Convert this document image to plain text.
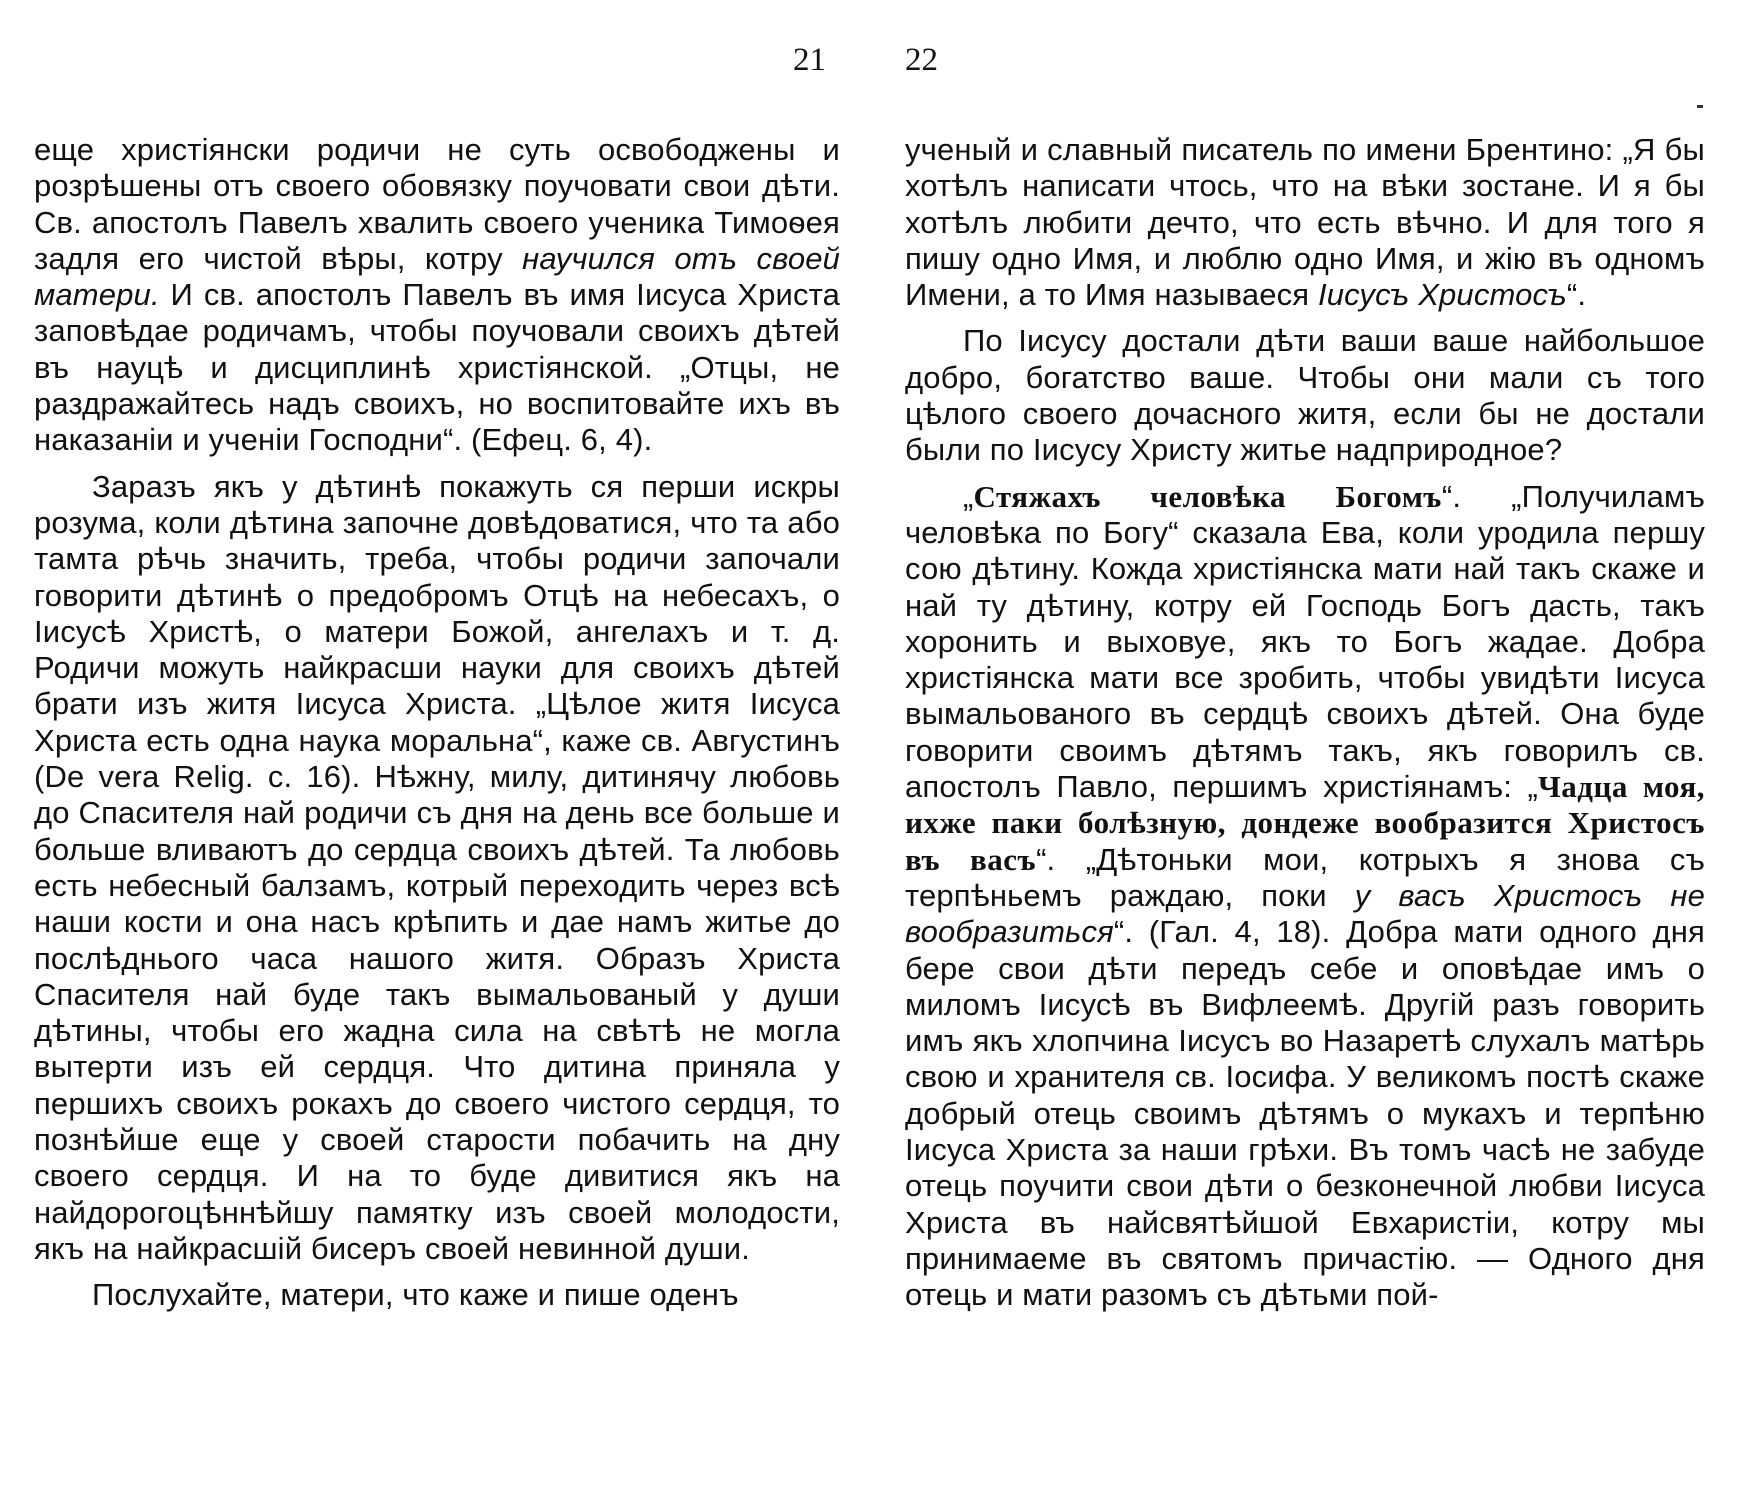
21 22

еще христіянски родичи не суть освободжены и розрѣшены отъ своего обовязку поучовати свои дѣти. Св. апостолъ Павелъ хвалить своего ученика Тимоѳея задля его чистой вѣры, котру научился отъ своей матери. И св. апостолъ Павелъ въ имя Іисуса Христа заповѣдае родичамъ, чтобы поучовали своихъ дѣтей въ науцѣ и дисциплинѣ христіянской. „Отцы, не раздражайтесь надъ своихъ, но воспитовайте ихъ въ наказаніи и ученіи Господни“. (Ефец. 6, 4).

Заразъ якъ у дѣтинѣ покажуть ся перши искры розума, коли дѣтина започне довѣдоватися, что та або тамта рѣчь значить, треба, чтобы родичи започали говорити дѣтинѣ о предобромъ Отцѣ на небесахъ, о Іисусѣ Христѣ, о матери Божой, ангелахъ и т. д. Родичи можуть найкрасши науки для своихъ дѣтей брати изъ житя Іисуса Христа. „Цѣлое житя Іисуса Христа есть одна наука моральна“, каже св. Августинъ (De vera Relig. c. 16). Нѣжну, милу, дитинячу любовь до Спасителя най родичи съ дня на день все больше и больше вливаютъ до сердца своихъ дѣтей. Та любовь есть небесный балзамъ, котрый переходить через всѣ наши кости и она насъ крѣпить и дае намъ житье до послѣднього часа нашого житя. Образъ Христа Спасителя най буде такъ вымальованый у души дѣтины, чтобы его жадна сила на свѣтѣ не могла вытерти изъ ей сердця. Что дитина приняла у першихъ своихъ рокахъ до своего чистого сердця, то познѣйше еще у своей старости побачить на дну своего сердця. И на то буде дивитися якъ на найдорогоцѣннѣйшу памятку изъ своей молодости, якъ на найкрасшій бисеръ своей невинной души.

Послухайте, матери, что каже и пише оденъ

ученый и славный писатель по имени Брентино: „Я бы хотѣлъ написати чтось, что на вѣки зостане. И я бы хотѣлъ любити дечто, что есть вѣчно. И для того я пишу одно Имя, и люблю одно Имя, и жію въ одномъ Имени, а то Имя называеся Іисусъ Христосъ“.

По Іисусу достали дѣти ваши ваше найбольшое добро, богатство ваше. Чтобы они мали съ того цѣлого своего дочасного житя, если бы не достали были по Іисусу Христу житье надприродное?

„Стяжахъ человѣка Богомъ“. „Получиламъ человѣка по Богу“ сказала Ева, коли уродила першу сою дѣтину. Кожда христіянска мати най такъ скаже и най ту дѣтину, котру ей Господь Богъ дасть, такъ хоронить и выховуе, якъ то Богъ жадае. Добра христіянска мати все зробить, чтобы увидѣти Іисуса вымальованого въ сердцѣ своихъ дѣтей. Она буде говорити своимъ дѣтямъ такъ, якъ говорилъ св. апостолъ Павло, першимъ христіянамъ: „Чадца моя, ихже паки болѣзную, дондеже вообразится Христосъ въ васъ“. „Дѣтоньки мои, котрыхъ я знова съ терпѣньемъ раждаю, поки у васъ Христосъ не вообразиться“. (Гал. 4, 18). Добра мати одного дня бере свои дѣти передъ себе и оповѣдае имъ о миломъ Іисусѣ въ Вифлеемѣ. Другій разъ говорить имъ якъ хлопчина Іисусъ во Назаретѣ слухалъ матѣрь свою и хранителя св. Іосифа. У великомъ постѣ скаже добрый отець своимъ дѣтямъ о мукахъ и терпѣню Іисуса Христа за наши грѣхи. Въ томъ часѣ не забуде отець поучити свои дѣти о безконечной любви Іисуса Христа въ найсвятѣйшой Евхаристіи, котру мы принимаеме въ святомъ причастію. — Одного дня отець и мати разомъ съ дѣтьми пой-
